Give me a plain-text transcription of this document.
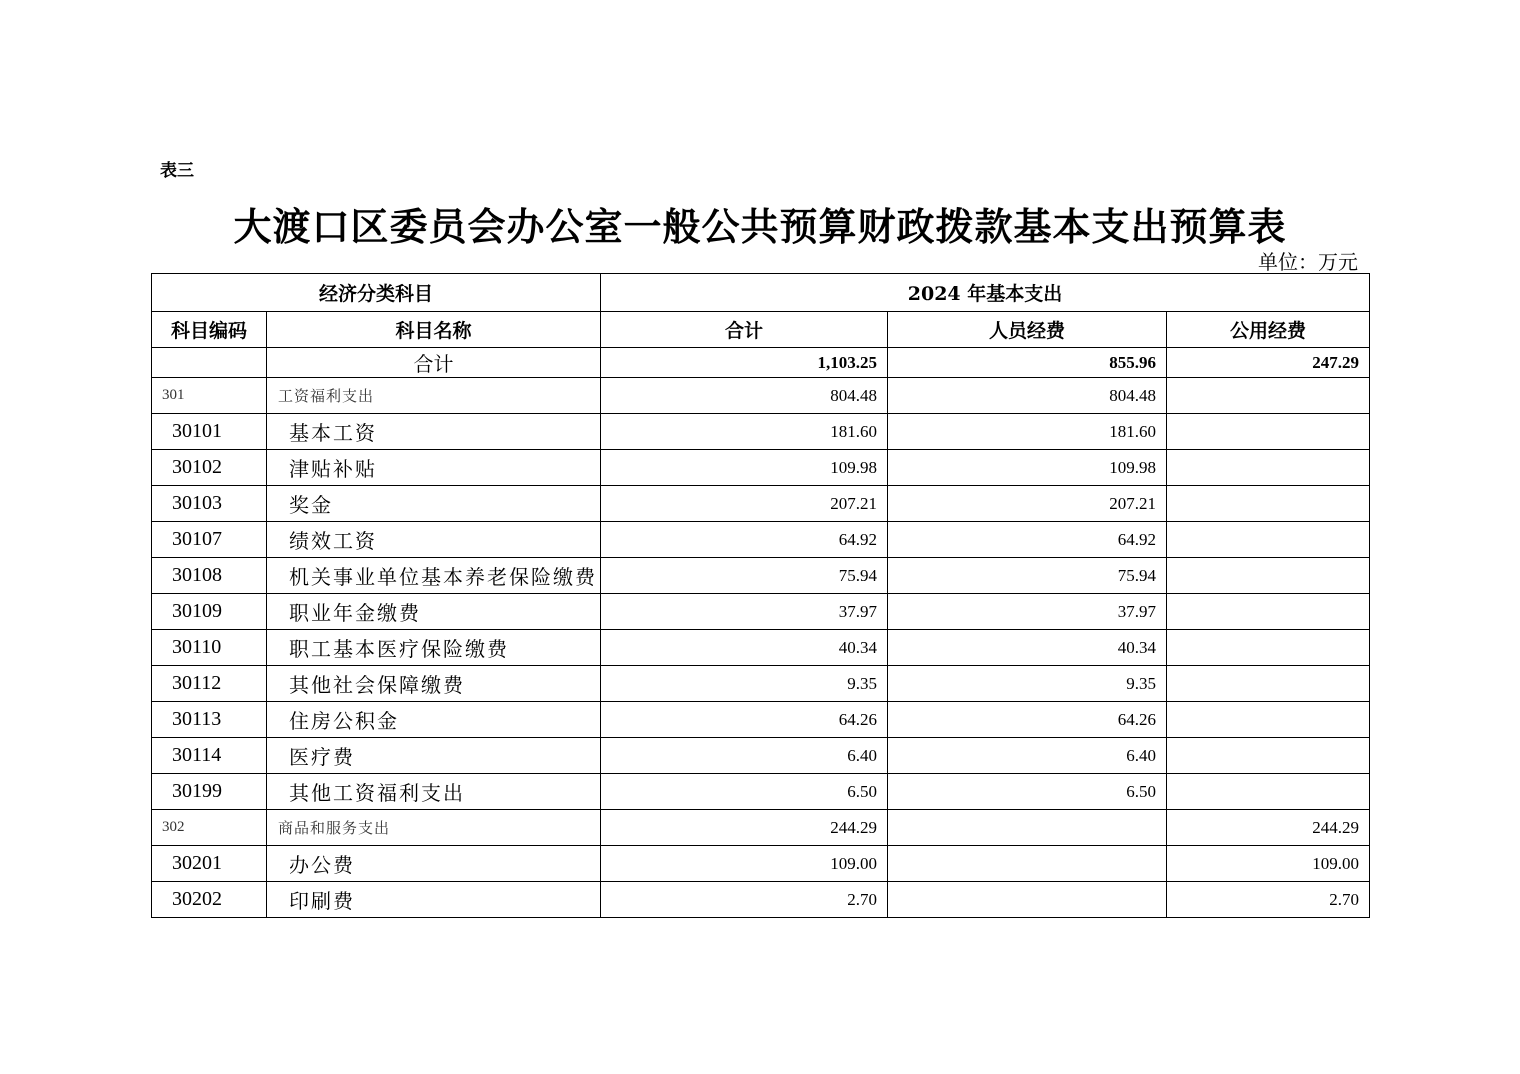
表三
大渡口区委员会办公室一般公共预算财政拨款基本支出预算表
单位：万元
经济分类科目		2024 年基本支出		
科目编码	科目名称	合计	人员经费	公用经费
	合计	1,103.25	855.96	247.29
301	工资福利支出	804.48	804.48	
30101	基本工资	181.60	181.60	
30102	津贴补贴	109.98	109.98	
30103	奖金	207.21	207.21	
30107	绩效工资	64.92	64.92	
30108	机关事业单位基本养老保险缴费	75.94	75.94	
30109	职业年金缴费	37.97	37.97	
30110	职工基本医疗保险缴费	40.34	40.34	
30112	其他社会保障缴费	9.35	9.35	
30113	住房公积金	64.26	64.26	
30114	医疗费	6.40	6.40	
30199	其他工资福利支出	6.50	6.50	
302	商品和服务支出	244.29		244.29
30201	办公费	109.00		109.00
30202	印刷费	2.70		2.70
